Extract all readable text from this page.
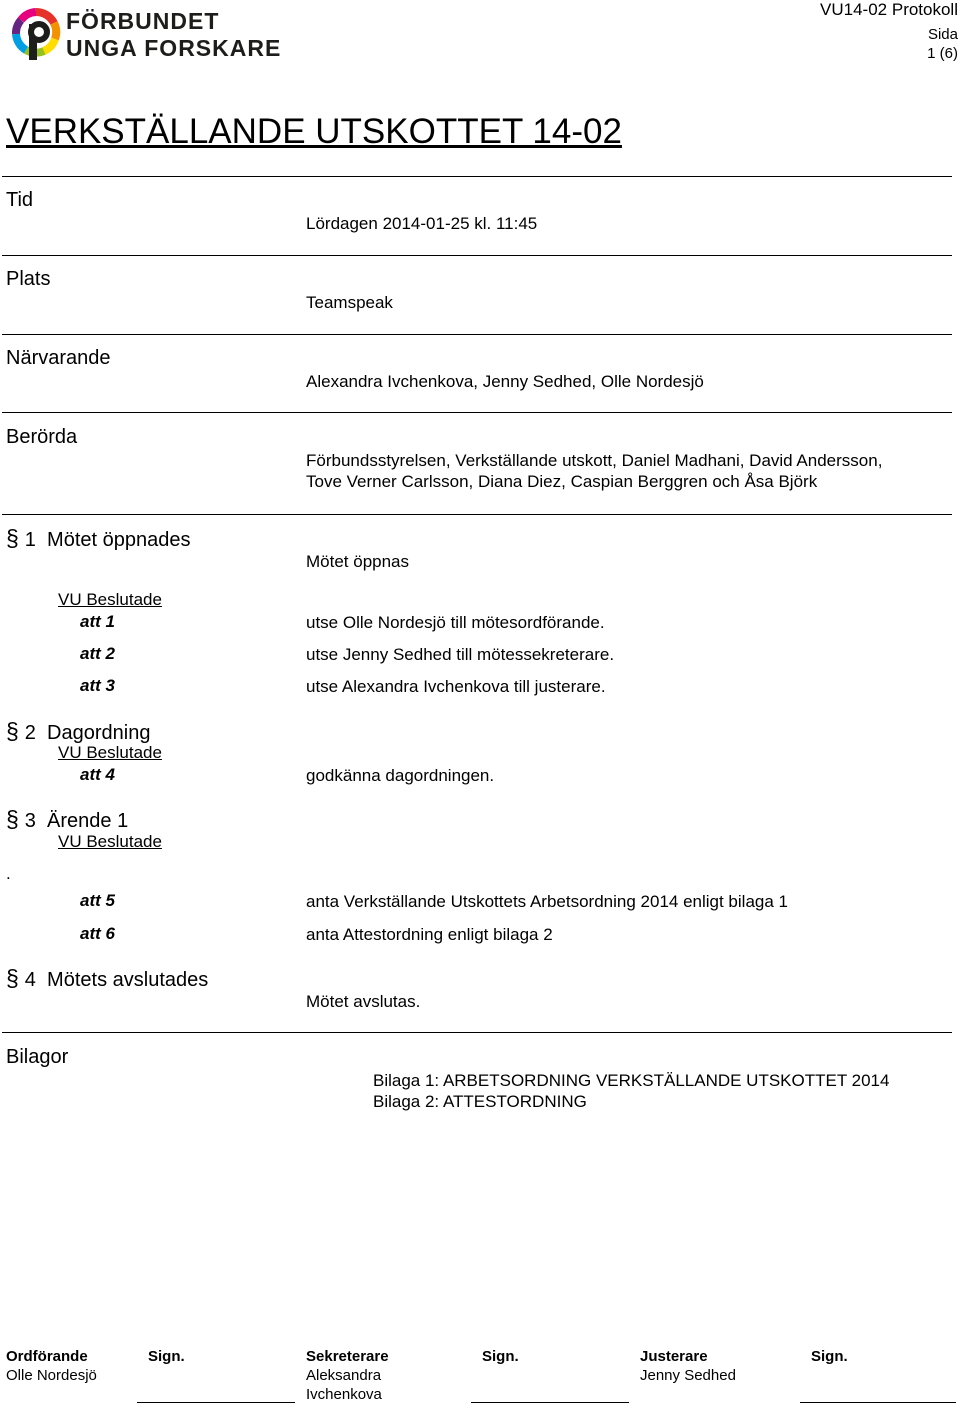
FÖRBUNDET
UNGA FORSKARE
VU14-02 Protokoll
Sida
1 (6)
VERKSTÄLLANDE UTSKOTTET 14-02
Tid
Lördagen 2014-01-25 kl. 11:45
Plats
Teamspeak
Närvarande
Alexandra Ivchenkova, Jenny Sedhed, Olle Nordesjö
Berörda
Förbundsstyrelsen, Verkställande utskott, Daniel Madhani, David Andersson,
Tove Verner Carlsson, Diana Diez, Caspian Berggren och Åsa Björk
§ 1 Mötet öppnades
Mötet öppnas
VU Beslutade
att 1	utse Olle Nordesjö till mötesordförande.
att 2	utse Jenny Sedhed till mötessekreterare.
att 3	utse Alexandra Ivchenkova till justerare.
§ 2 Dagordning
VU Beslutade
att 4	godkänna dagordningen.
§ 3 Ärende 1
VU Beslutade
.
att 5	anta Verkställande Utskottets Arbetsordning 2014 enligt bilaga 1
att 6	anta Attestordning enligt bilaga 2
§ 4 Mötets avslutades
Mötet avslutas.
Bilagor
Bilaga 1: ARBETSORDNING VERKSTÄLLANDE UTSKOTTET 2014
Bilaga 2: ATTESTORDNING
Ordförande	Sign.
Olle Nordesjö
Sekreterare	Sign.
Aleksandra
Ivchenkova
Justerare	Sign.
Jenny Sedhed
